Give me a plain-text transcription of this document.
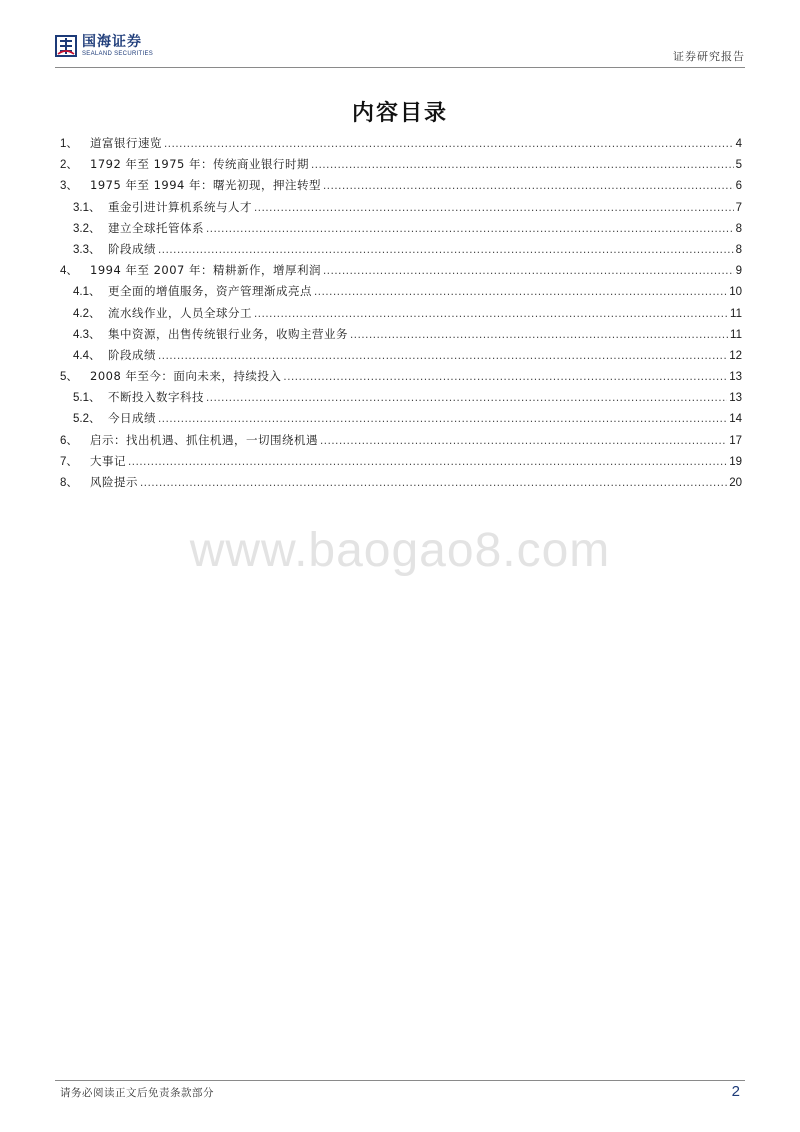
国海证券
SEALAND SECURITIES	证券研究报告
内容目录
1、	道富银行速览 .....	4
2、	1792 年至 1975 年：传统商业银行时期 .....	5
3、	1975 年至 1994 年：曙光初现，押注转型 .....	6
3.1、 重金引进计算机系统与人才 .....	7
3.2、 建立全球托管体系 .....	8
3.3、 阶段成绩 .....	8
4、	1994 年至 2007 年：精耕新作，增厚利润 .....	9
4.1、 更全面的增值服务，资产管理渐成亮点 .....	10
4.2、 流水线作业，人员全球分工 .....	11
4.3、 集中资源，出售传统银行业务，收购主营业务 .....	11
4.4、 阶段成绩 .....	12
5、	2008 年至今：面向未来，持续投入 .....	13
5.1、 不断投入数字科技 .....	13
5.2、 今日成绩 .....	14
6、	启示：找出机遇、抓住机遇，一切围绕机遇 .....	17
7、	大事记 .....	19
8、	风险提示 .....	20
www.baogao8.com
请务必阅读正文后免责条款部分	2
